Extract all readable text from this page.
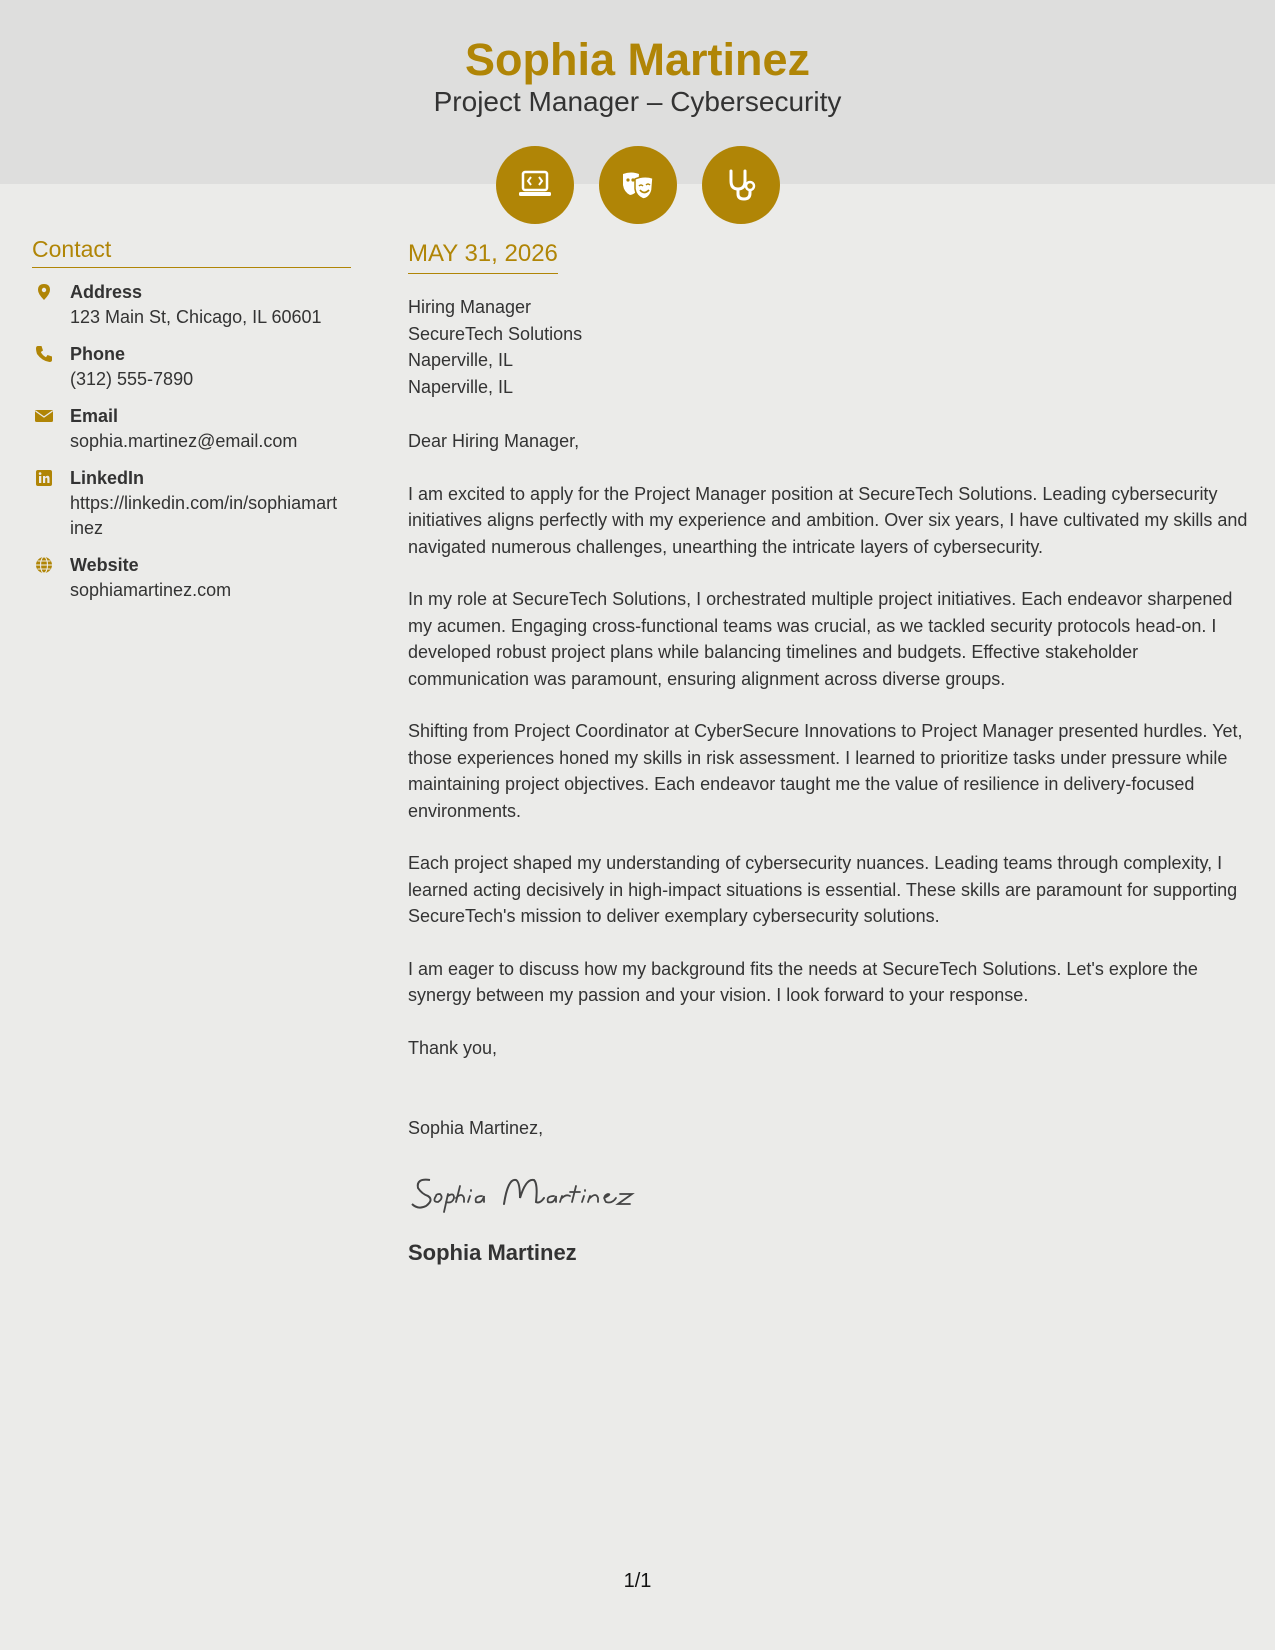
Sophia Martinez
Project Manager – Cybersecurity
Contact
Address
123 Main St, Chicago, IL 60601
Phone
(312) 555-7890
Email
sophia.martinez@email.com
LinkedIn
https://linkedin.com/in/sophiamartinez
Website
sophiamartinez.com
MAY 31, 2026
Hiring Manager
SecureTech Solutions
Naperville, IL
Naperville, IL
Dear Hiring Manager,
I am excited to apply for the Project Manager position at SecureTech Solutions. Leading cybersecurity initiatives aligns perfectly with my experience and ambition. Over six years, I have cultivated my skills and navigated numerous challenges, unearthing the intricate layers of cybersecurity.
In my role at SecureTech Solutions, I orchestrated multiple project initiatives. Each endeavor sharpened my acumen. Engaging cross-functional teams was crucial, as we tackled security protocols head-on. I developed robust project plans while balancing timelines and budgets. Effective stakeholder communication was paramount, ensuring alignment across diverse groups.
Shifting from Project Coordinator at CyberSecure Innovations to Project Manager presented hurdles. Yet, those experiences honed my skills in risk assessment. I learned to prioritize tasks under pressure while maintaining project objectives. Each endeavor taught me the value of resilience in delivery-focused environments.
Each project shaped my understanding of cybersecurity nuances. Leading teams through complexity, I learned acting decisively in high-impact situations is essential. These skills are paramount for supporting SecureTech's mission to deliver exemplary cybersecurity solutions.
I am eager to discuss how my background fits the needs at SecureTech Solutions. Let's explore the synergy between my passion and your vision. I look forward to your response.
Thank you,
Sophia Martinez,
Sophia Martinez
1/1
